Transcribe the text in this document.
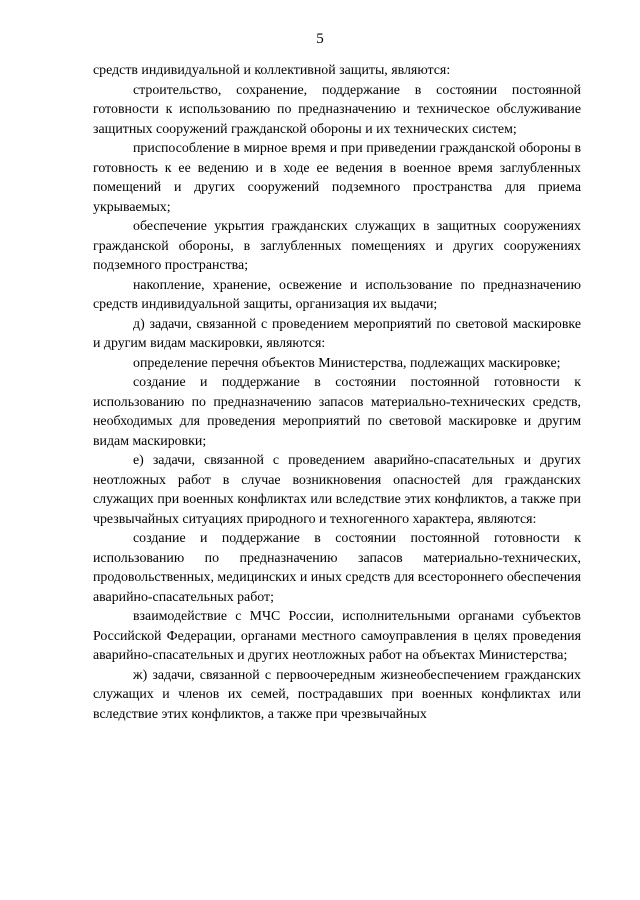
5

средств индивидуальной и коллективной защиты, являются:

строительство, сохранение, поддержание в состоянии постоянной готовности к использованию по предназначению и техническое обслуживание защитных сооружений гражданской обороны и их технических систем;

приспособление в мирное время и при приведении гражданской обороны в готовность к ее ведению и в ходе ее ведения в военное время заглубленных помещений и других сооружений подземного пространства для приема укрываемых;

обеспечение укрытия гражданских служащих в защитных сооружениях гражданской обороны, в заглубленных помещениях и других сооружениях подземного пространства;

накопление, хранение, освежение и использование по предназначению средств индивидуальной защиты, организация их выдачи;

д) задачи, связанной с проведением мероприятий по световой маскировке и другим видам маскировки, являются:

определение перечня объектов Министерства, подлежащих маскировке;

создание и поддержание в состоянии постоянной готовности к использованию по предназначению запасов материально-технических средств, необходимых для проведения мероприятий по световой маскировке и другим видам маскировки;

е) задачи, связанной с проведением аварийно-спасательных и других неотложных работ в случае возникновения опасностей для гражданских служащих при военных конфликтах или вследствие этих конфликтов, а также при чрезвычайных ситуациях природного и техногенного характера, являются:

создание и поддержание в состоянии постоянной готовности к использованию по предназначению запасов материально-технических, продовольственных, медицинских и иных средств для всестороннего обеспечения аварийно-спасательных работ;

взаимодействие с МЧС России, исполнительными органами субъектов Российской Федерации, органами местного самоуправления в целях проведения аварийно-спасательных и других неотложных работ на объектах Министерства;

ж) задачи, связанной с первоочередным жизнеобеспечением гражданских служащих и членов их семей, пострадавших при военных конфликтах или вследствие этих конфликтов, а также при чрезвычайных
